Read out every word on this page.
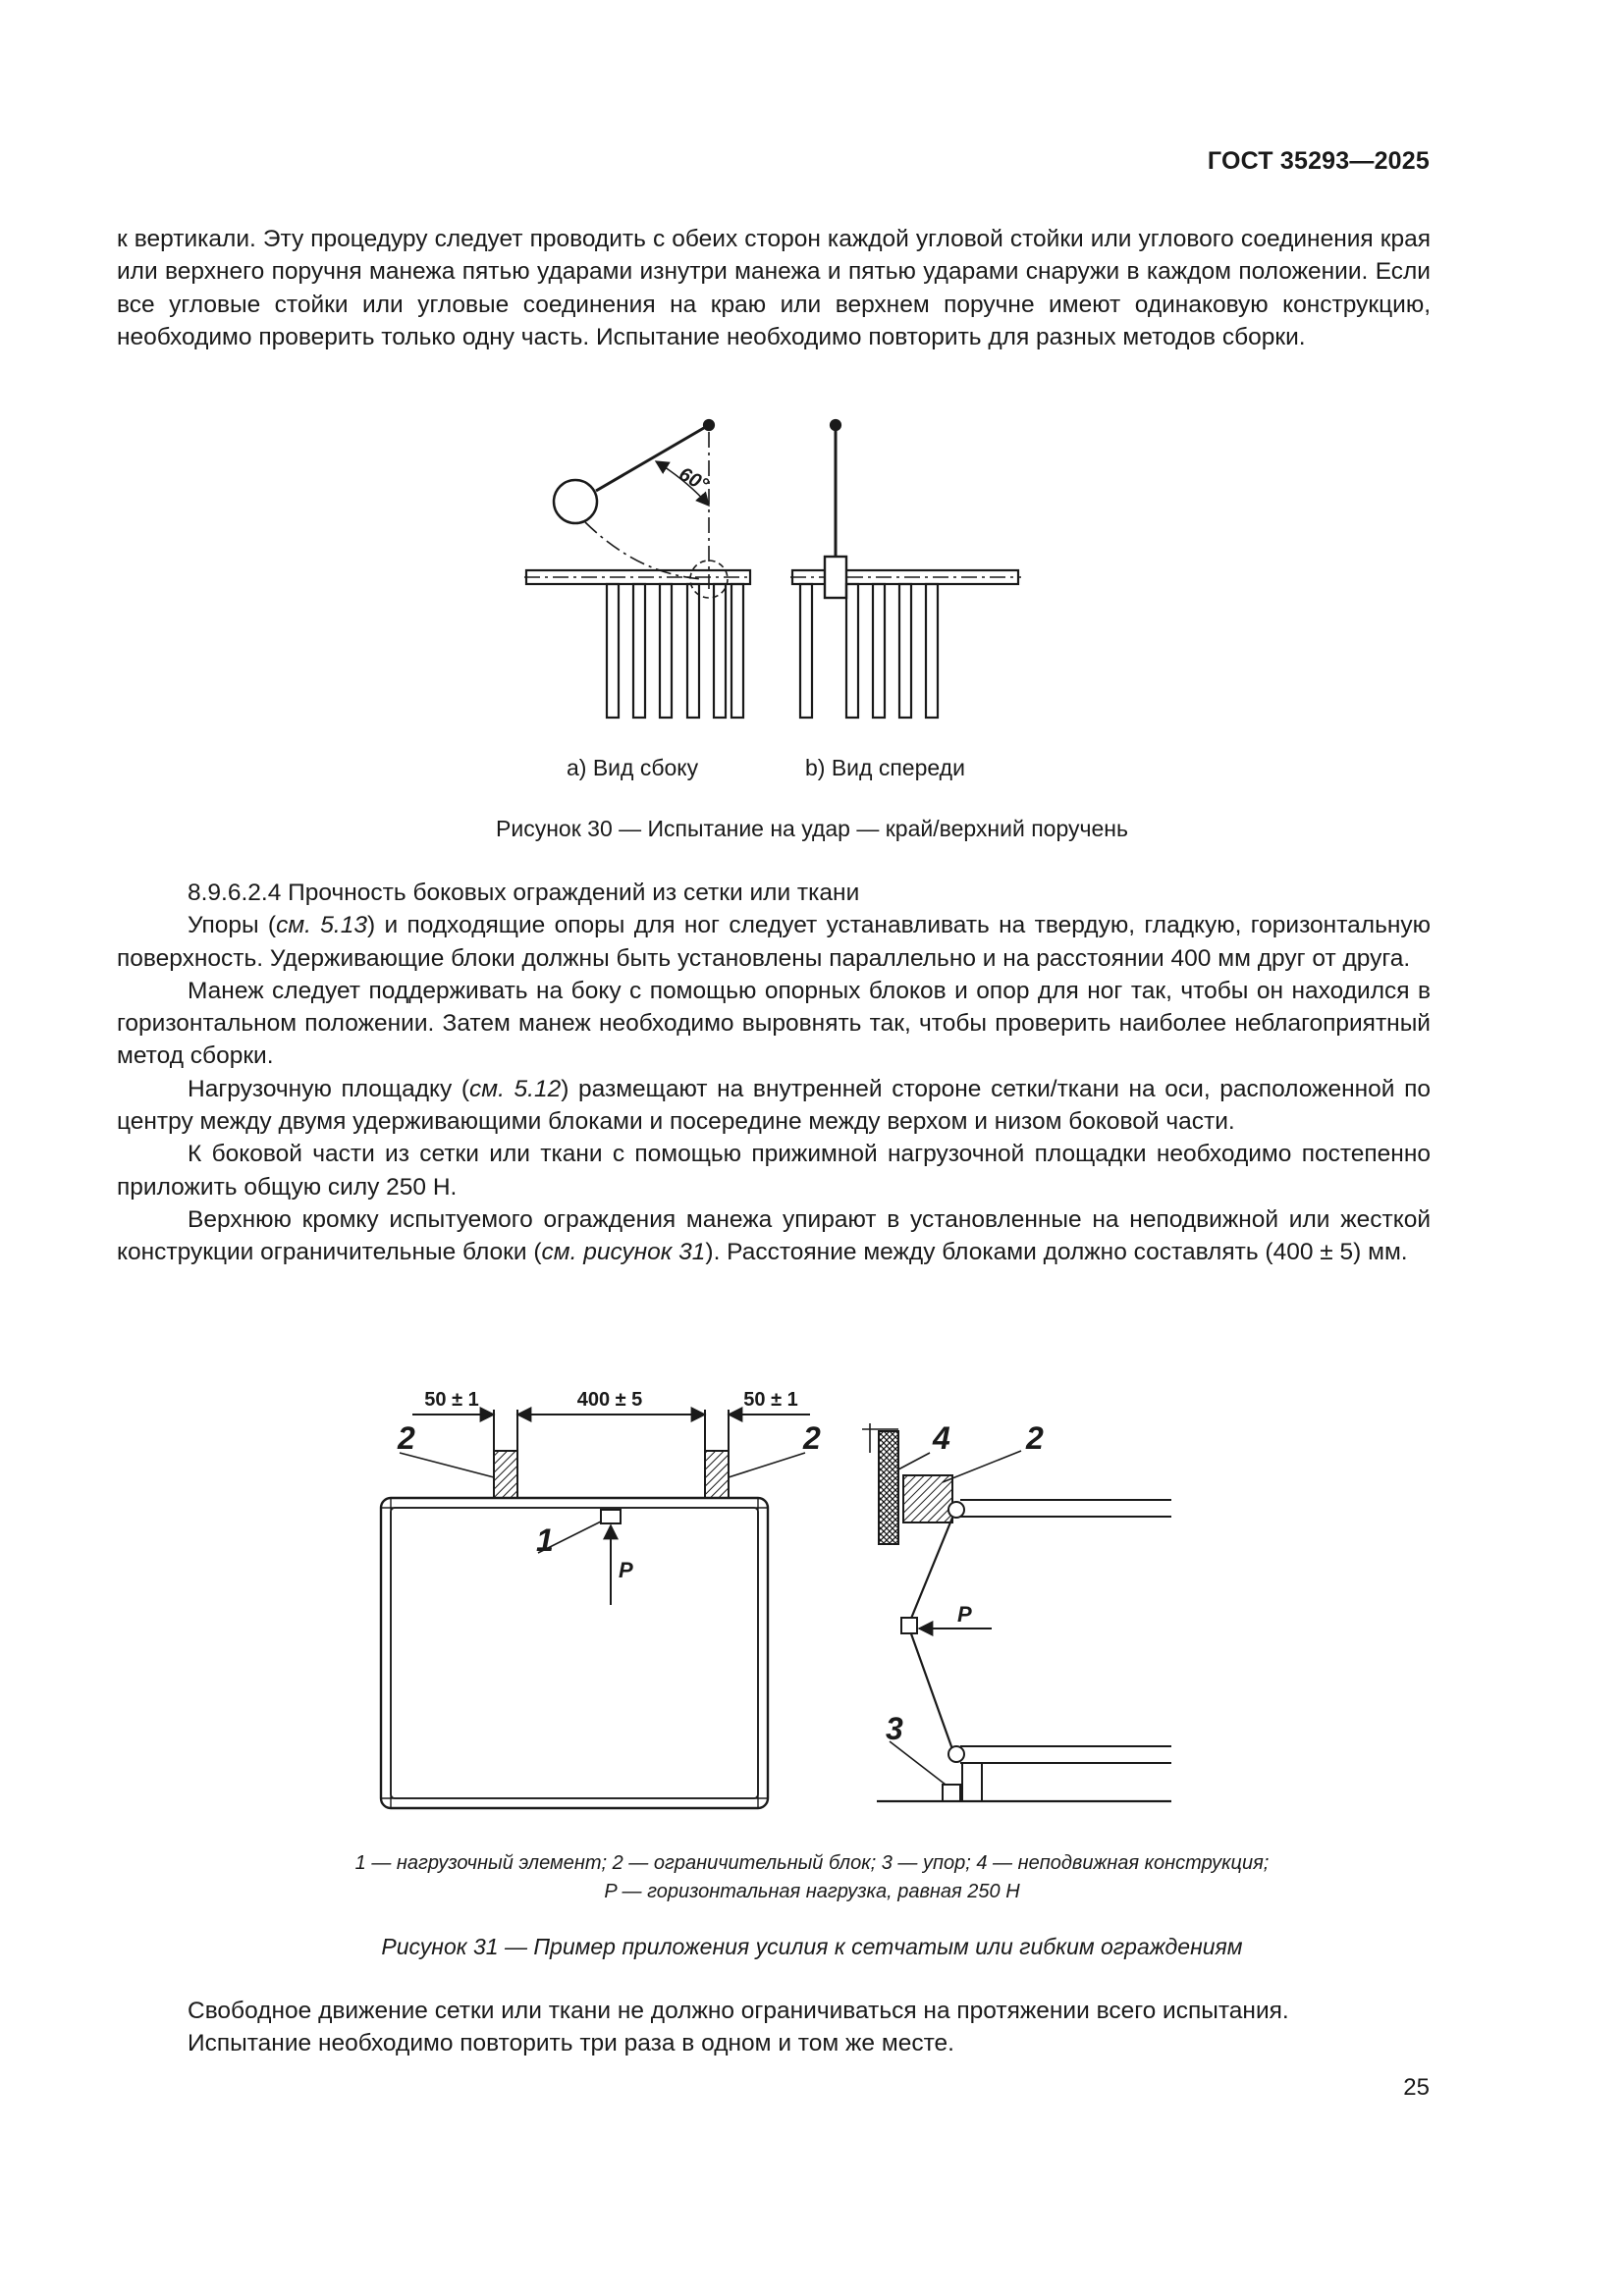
ГОСТ 35293—2025

к вертикали. Эту процедуру следует проводить с обеих сторон каждой угловой стойки или углового соединения края или верхнего поручня манежа пятью ударами изнутри манежа и пятью ударами снаружи в каждом положении. Если все угловые стойки или угловые соединения на краю или верхнем поручне имеют одинаковую конструкцию, необходимо проверить только одну часть. Испытание необходимо повторить для разных методов сборки.

60°
a) Вид сбоку	b) Вид спереди
Рисунок 30 — Испытание на удар — край/верхний поручень

8.9.6.2.4 Прочность боковых ограждений из сетки или ткани

Упоры (см. 5.13) и подходящие опоры для ног следует устанавливать на твердую, гладкую, горизонтальную поверхность. Удерживающие блоки должны быть установлены параллельно и на расстоянии 400 мм друг от друга.

Манеж следует поддерживать на боку с помощью опорных блоков и опор для ног так, чтобы он находился в горизонтальном положении. Затем манеж необходимо выровнять так, чтобы проверить наиболее неблагоприятный метод сборки.

Нагрузочную площадку (см. 5.12) размещают на внутренней стороне сетки/ткани на оси, расположенной по центру между двумя удерживающими блоками и посередине между верхом и низом боковой части.

К боковой части из сетки или ткани с помощью прижимной нагрузочной площадки необходимо постепенно приложить общую силу 250 Н.

Верхнюю кромку испытуемого ограждения манежа упирают в установленные на неподвижной или жесткой конструкции ограничительные блоки (см. рисунок 31). Расстояние между блоками должно составлять (400 ± 5) мм.

50 ± 1	400 ± 5	50 ± 1
2	2
1
P
4 2
P
3
1 — нагрузочный элемент; 2 — ограничительный блок; 3 — упор; 4 — неподвижная конструкция;
P — горизонтальная нагрузка, равная 250 Н
Рисунок 31 — Пример приложения усилия к сетчатым или гибким ограждениям

Свободное движение сетки или ткани не должно ограничиваться на протяжении всего испытания.

Испытание необходимо повторить три раза в одном и том же месте.

25
